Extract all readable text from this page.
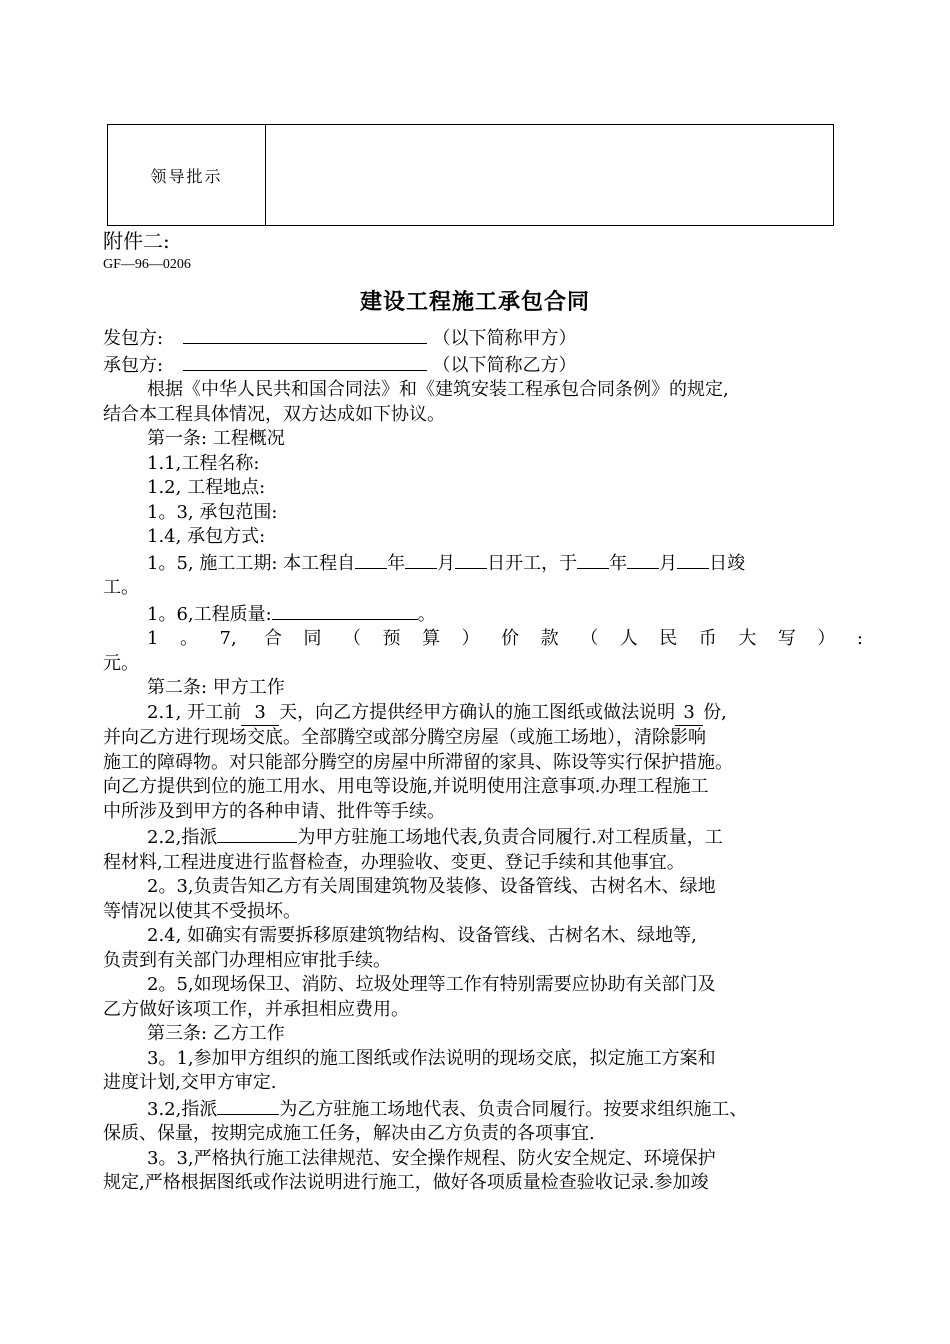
领导批示
附件二:
GF—96—0206
建设工程施工承包合同
发包方:	（以下简称甲方）
承包方:	（以下简称乙方）
根据《中华人民共和国合同法》和《建筑安装工程承包合同条例》的规定,
结合本工程具体情况，双方达成如下协议。
第一条: 工程概况
1.1,工程名称:
1.2, 工程地点:
1。3, 承包范围:
1.4, 承包方式:
1。5, 施工工期: 本工程自 年 月 日开工，于 年 月 日竣
工。
1。6,工程质量:	。
1。7, 合同（预算）价款（人民币大写）:
元。
第二条: 甲方工作
2.1, 开工前 3 天，向乙方提供经甲方确认的施工图纸或做法说明 3 份,
并向乙方进行现场交底。全部腾空或部分腾空房屋（或施工场地），清除影响
施工的障碍物。对只能部分腾空的房屋中所滞留的家具、陈设等实行保护措施。
向乙方提供到位的施工用水、用电等设施,并说明使用注意事项.办理工程施工
中所涉及到甲方的各种申请、批件等手续。
2.2,指派	为甲方驻施工场地代表,负责合同履行.对工程质量，工
程材料,工程进度进行监督检查，办理验收、变更、登记手续和其他事宜。
2。3,负责告知乙方有关周围建筑物及装修、设备管线、古树名木、绿地
等情况以使其不受损坏。
2.4, 如确实有需要拆移原建筑物结构、设备管线、古树名木、绿地等,
负责到有关部门办理相应审批手续。
2。5,如现场保卫、消防、垃圾处理等工作有特别需要应协助有关部门及
乙方做好该项工作，并承担相应费用。
第三条: 乙方工作
3。1,参加甲方组织的施工图纸或作法说明的现场交底，拟定施工方案和
进度计划,交甲方审定.
3.2,指派	为乙方驻施工场地代表、负责合同履行。按要求组织施工、
保质、保量，按期完成施工任务，解决由乙方负责的各项事宜.
3。3,严格执行施工法律规范、安全操作规程、防火安全规定、环境保护
规定,严格根据图纸或作法说明进行施工，做好各项质量检查验收记录.参加竣
